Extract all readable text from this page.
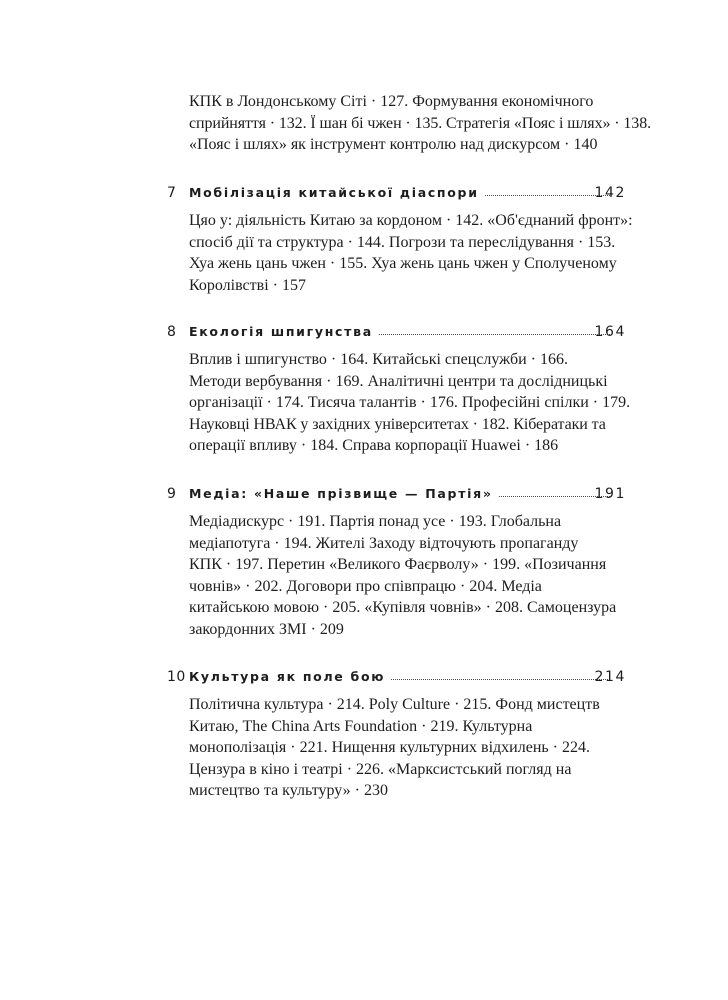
КПК в Лондонському Сіті · 127. Формування економічного
сприйняття · 132. Ї шан бі чжен · 135. Стратегія «Пояс і шлях» · 138.
«Пояс і шлях» як інструмент контролю над дискурсом · 140
7 Мобілізація китайської діаспори	142
Цяо у: діяльність Китаю за кордоном · 142. «Об'єднаний фронт»:
спосіб дії та структура · 144. Погрози та переслідування · 153.
Хуа жень цань чжен · 155. Хуа жень цань чжен у Сполученому
Королівстві · 157
8 Екологія шпигунства	164
Вплив і шпигунство · 164. Китайські спецслужби · 166.
Методи вербування · 169. Аналітичні центри та дослідницькі
організації · 174. Тисяча талантів · 176. Професійні спілки · 179.
Науковці НВАК у західних університетах · 182. Кібератаки та
операції впливу · 184. Справа корпорації Huawei · 186
9 Медіа: «Наше прізвище — Партія»	191
Медіадискурс · 191. Партія понад усе · 193. Глобальна
медіапотуга · 194. Жителі Заходу відточують пропаганду
КПК · 197. Перетин «Великого Фаєрволу» · 199. «Позичання
човнів» · 202. Договори про співпрацю · 204. Медіа
китайською мовою · 205. «Купівля човнів» · 208. Самоцензура
закордонних ЗМІ · 209
10 Культура як поле бою	214
Політична культура · 214. Poly Culture · 215. Фонд мистецтв
Китаю, The China Arts Foundation · 219. Культурна
монополізація · 221. Нищення культурних відхилень · 224.
Цензура в кіно і театрі · 226. «Марксистський погляд на
мистецтво та культуру» · 230
